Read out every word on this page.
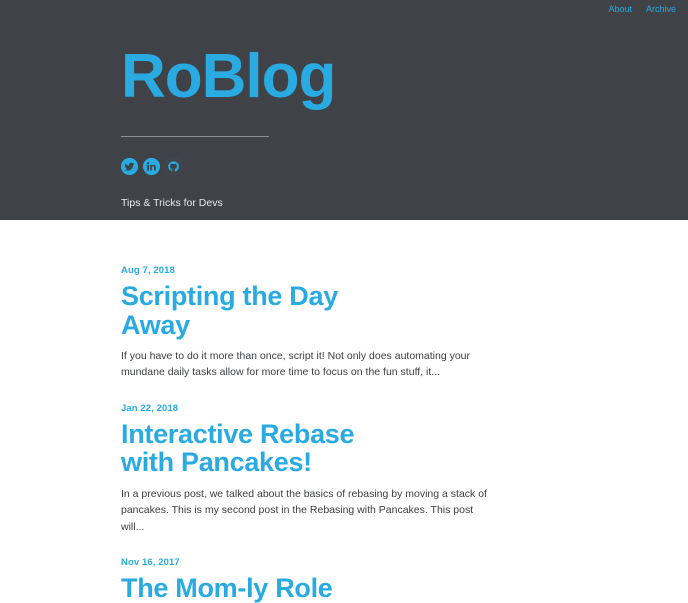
About Archive
RoBlog
Tips & Tricks for Devs
Aug 7, 2018
Scripting the Day Away

If you have to do it more than once, script it! Not only does automating your mundane daily tasks allow for more time to focus on the fun stuff, it...

Jan 22, 2018
Interactive Rebase with Pancakes!

In a previous post, we talked about the basics of rebasing by moving a stack of pancakes. This is my second post in the Rebasing with Pancakes. This post will...

Nov 16, 2017
The Mom-ly Role
